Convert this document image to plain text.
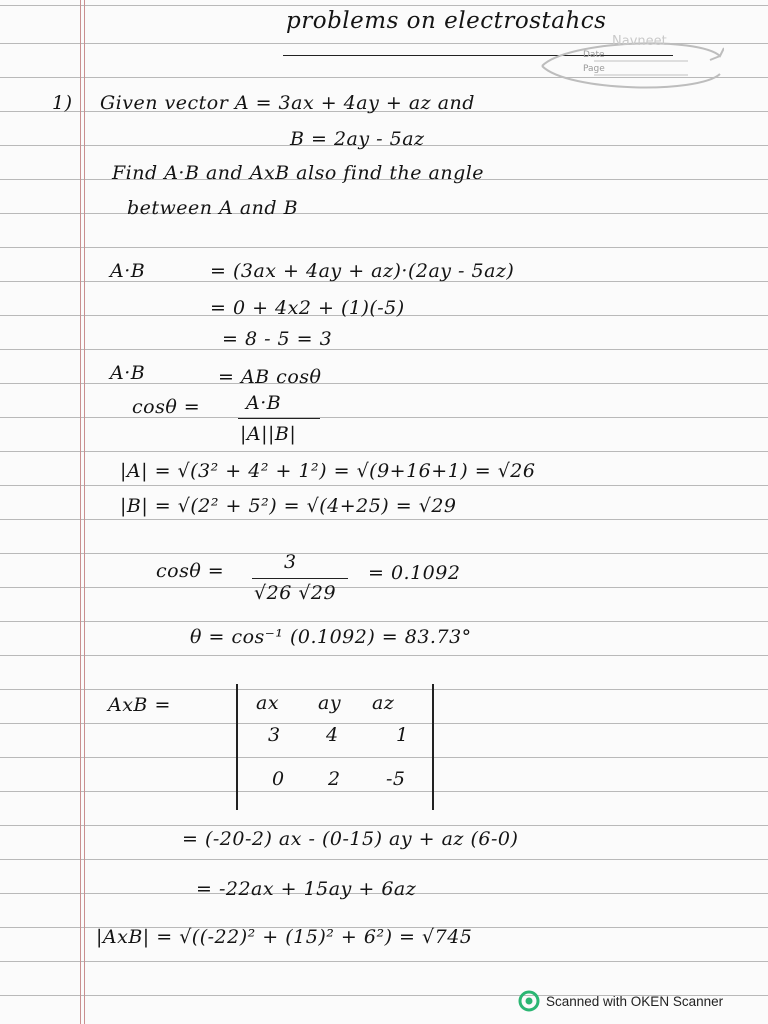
problems on electrostahcs
Navneet
Date
Page
1) Given vector A = 3ax + 4ay + az and
B = 2ay - 5az
Find A·B and AxB also find the angle
between A and B
A·B	= (3ax + 4ay + az)·(2ay - 5az)
= 0 + 4x2 + (1)(-5)
= 8 - 5 = 3
A·B	= AB cosθ
cosθ = A·B
|A||B|
|A| = √(3² + 4² + 1²) = √(9+16+1) = √26
|B| = √(2² + 5²) = √(4+25) = √29
cosθ =	3
√26 √29
= 0.1092
θ = cos⁻¹ (0.1092) = 83.73°
AxB =	ax ay az
3 4	1
0 2 -5
= (-20-2) ax - (0-15) ay + az (6-0)
= -22ax + 15ay + 6az
|AxB| = √((-22)² + (15)² + 6²) = √745
Scanned with OKEN Scanner
